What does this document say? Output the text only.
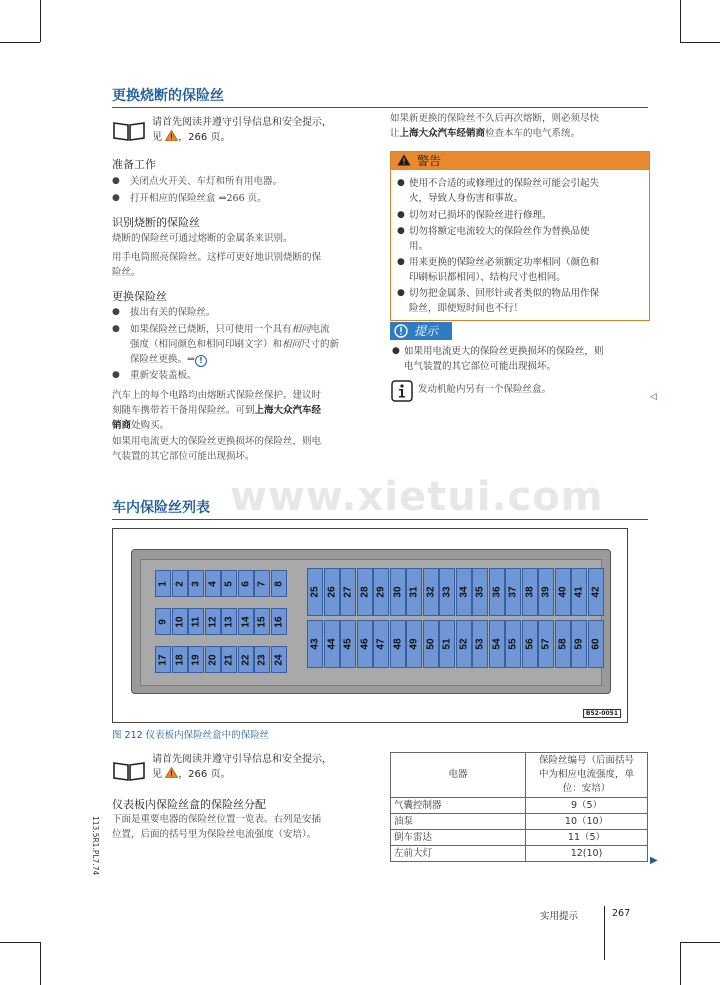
www.xietui.com
更换烧断的保险丝
请首先阅读并遵守引导信息和安全提示，
见 ，266 页。
准备工作
●	关闭点火开关、车灯和所有用电器。
●	打开相应的保险丝盒 ⇒266 页。
识别烧断的保险丝
烧断的保险丝可通过熔断的金属条来识别。
用手电筒照亮保险丝。这样可更好地识别烧断的保
险丝。
更换保险丝
●	拔出有关的保险丝。
●	如果保险丝已烧断，只可使用一个具有相同电流
强度（相同颜色和相同印刷文字）和相同尺寸的新
保险丝更换。⇒ !
●	重新安装盖板。
汽车上的每个电路均由熔断式保险丝保护。建议时
刻随车携带若干备用保险丝。可到上海大众汽车经
销商处购买。
如果用电流更大的保险丝更换损坏的保险丝，则电
气装置的其它部位可能出现损坏。
如果新更换的保险丝不久后再次熔断，则必须尽快
让上海大众汽车经销商检查本车的电气系统。
警告
● 使用不合适的或修理过的保险丝可能会引起失
火，导致人身伤害和事故。
● 切勿对已损坏的保险丝进行修理。
● 切勿将额定电流较大的保险丝作为替换品使
用。
● 用来更换的保险丝必须额定功率相同（颜色和
印刷标识都相同）、结构尺寸也相同。
● 切勿把金属条、回形针或者类似的物品用作保
险丝，即使短时间也不行！
提示
● 如果用电流更大的保险丝更换损坏的保险丝，则
电气装置的其它部位可能出现损坏。
发动机舱内另有一个保险丝盒。
◁
车内保险丝列表
1 2 3 4 5 6 7 8
9 10 11 12 13 14 15 16
17 18 19 20 21 22 23 24
25 26 27 28 29 30 31 32 33 34 35 36 37 38 39 40 41 42
43 44 45 46 47 48 49 50 51 52 53 54 55 56 57 58 59 60
B52-0051
图 212 仪表板内保险丝盒中的保险丝
请首先阅读并遵守引导信息和安全提示，
见 ，266 页。
仪表板内保险丝盒的保险丝分配
下面是重要电器的保险丝位置一览表。右列是安插
位置，后面的括号里为保险丝电流强度（安培）。
电器	保险丝编号（后面括号
中为相应电流强度，单
位：安培）

气囊控制器	9（5）
油泵	10（10）
倒车雷达	11（5）
左前大灯	12(10)
▶
113.5R1.PL7.74
实用提示	267
